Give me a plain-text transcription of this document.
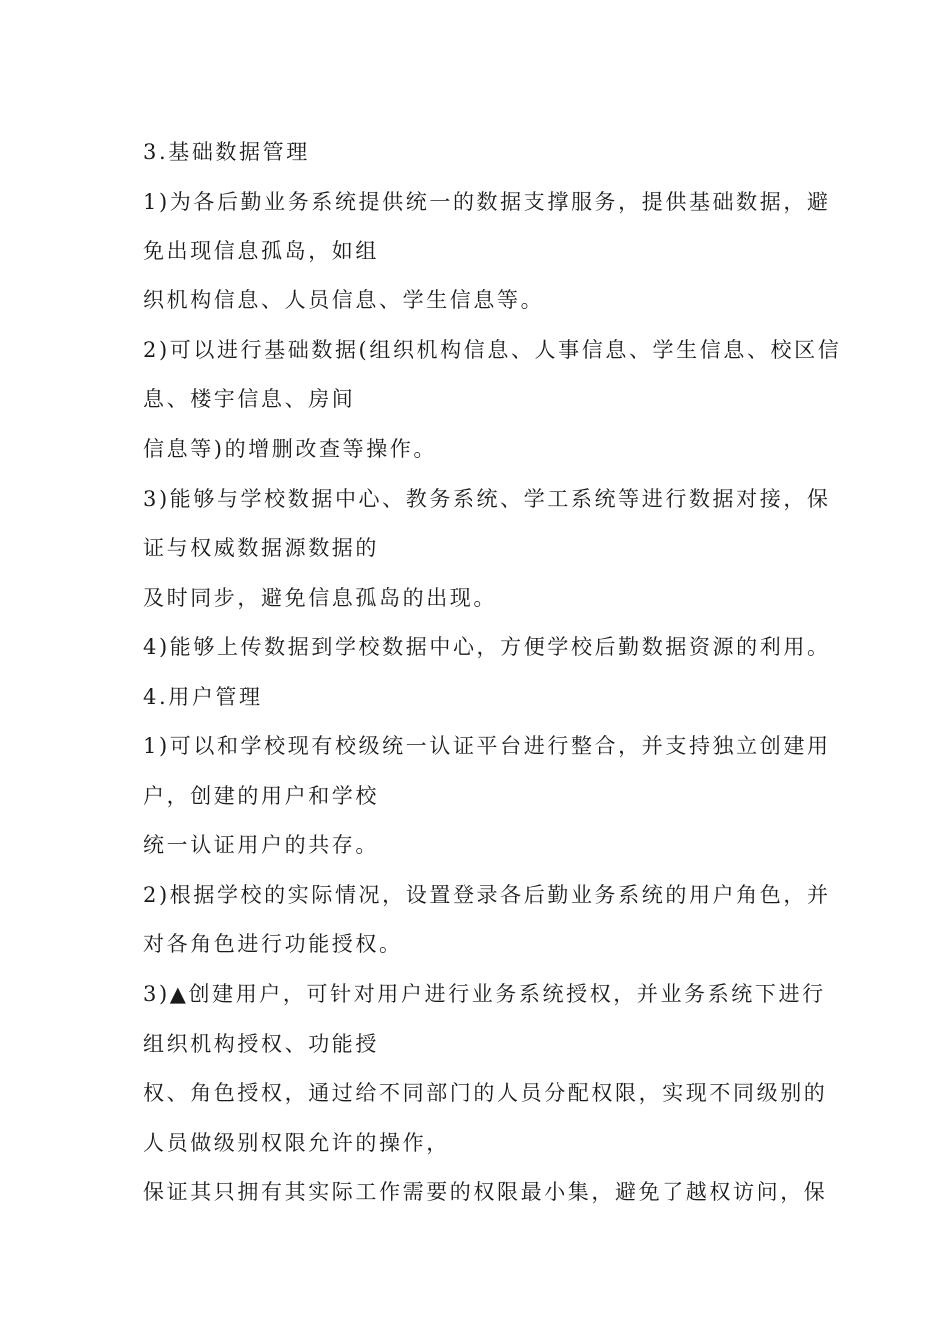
3.基础数据管理
1)为各后勤业务系统提供统一的数据支撑服务，提供基础数据，避
免出现信息孤岛，如组
织机构信息、人员信息、学生信息等。
2)可以进行基础数据(组织机构信息、人事信息、学生信息、校区信
息、楼宇信息、房间
信息等)的增删改查等操作。
3)能够与学校数据中心、教务系统、学工系统等进行数据对接，保
证与权威数据源数据的
及时同步，避免信息孤岛的出现。
4)能够上传数据到学校数据中心，方便学校后勤数据资源的利用。
4.用户管理
1)可以和学校现有校级统一认证平台进行整合，并支持独立创建用
户，创建的用户和学校
统一认证用户的共存。
2)根据学校的实际情况，设置登录各后勤业务系统的用户角色，并
对各角色进行功能授权。
3)▲创建用户，可针对用户进行业务系统授权，并业务系统下进行
组织机构授权、功能授
权、角色授权，通过给不同部门的人员分配权限，实现不同级别的
人员做级别权限允许的操作，
保证其只拥有其实际工作需要的权限最小集，避免了越权访问，保
